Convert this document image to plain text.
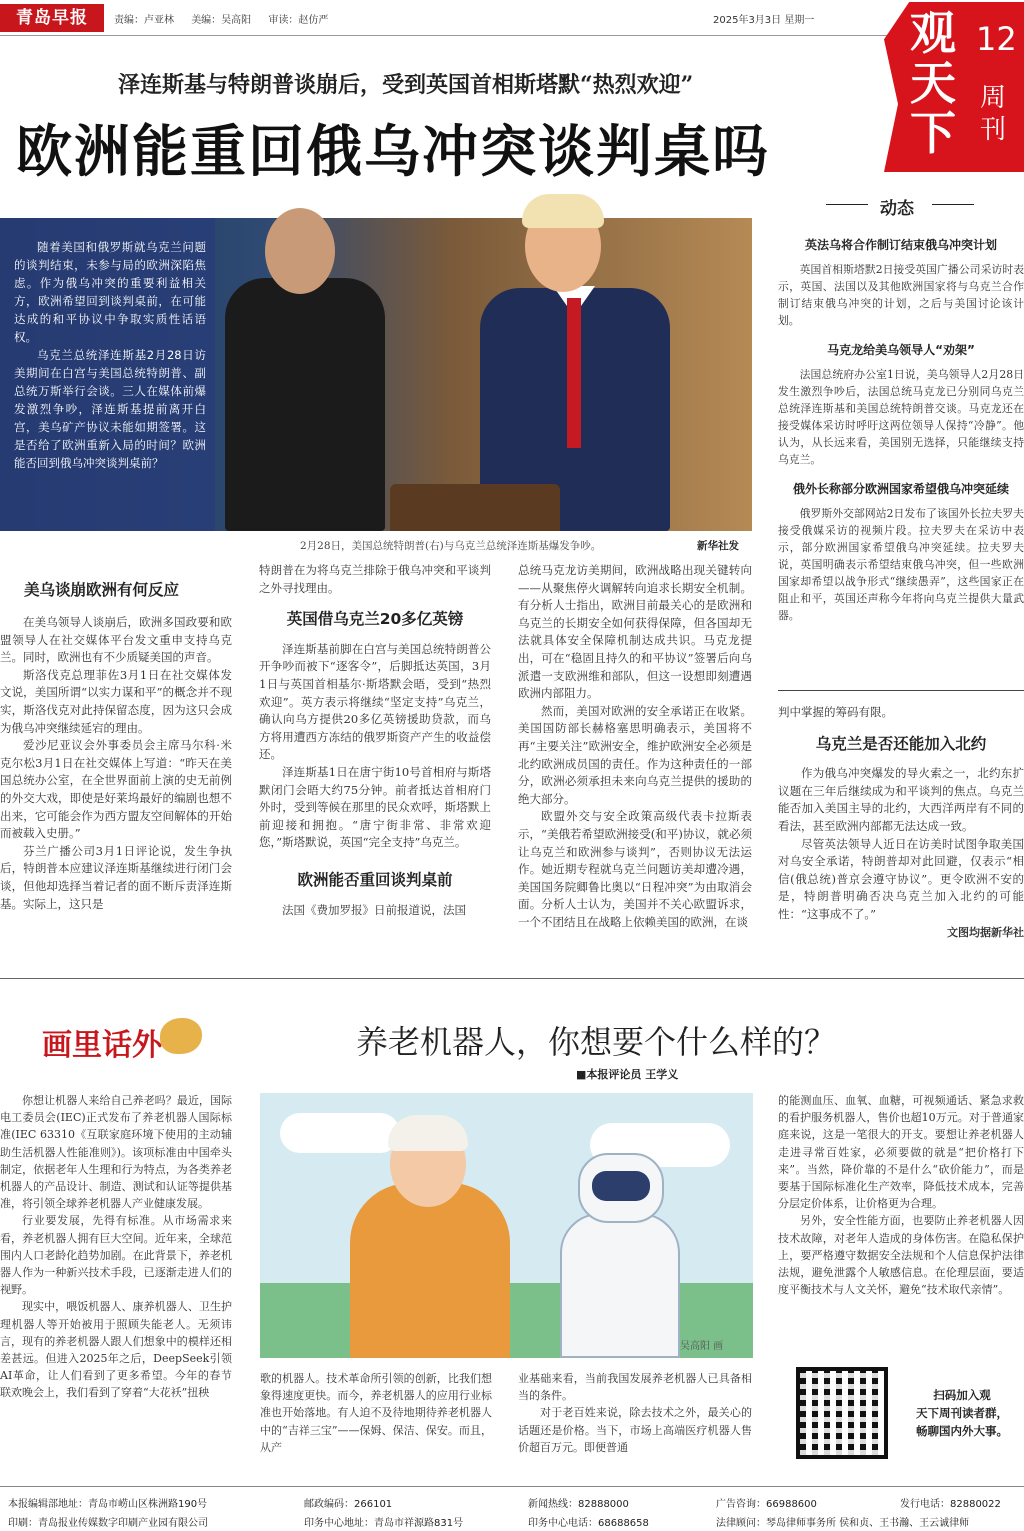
青岛早报	责编：卢亚林 美编：吴高阳 审读：赵仿严	2025年3月3日 星期一 观天下
12
周刊
泽连斯基与特朗普谈崩后，受到英国首相斯塔默“热烈欢迎”
欧洲能重回俄乌冲突谈判桌吗

随着美国和俄罗斯就乌克兰问题的谈判结束，未参与局的欧洲深陷焦虑。作为俄乌冲突的重要利益相关方，欧洲希望回到谈判桌前，在可能达成的和平协议中争取实质性话语权。

乌克兰总统泽连斯基2月28日访美期间在白宫与美国总统特朗普、副总统万斯举行会谈。三人在媒体前爆发激烈争吵，泽连斯基提前离开白宫，美乌矿产协议未能如期签署。这是否给了欧洲重新入局的时间？欧洲能否回到俄乌冲突谈判桌前？

2月28日，美国总统特朗普(右)与乌克兰总统泽连斯基爆发争吵。	新华社发
美乌谈崩欧洲有何反应

在美乌领导人谈崩后，欧洲多国政要和欧盟领导人在社交媒体平台发文重申支持乌克兰。同时，欧洲也有不少质疑美国的声音。

斯洛伐克总理菲佐3月1日在社交媒体发文说，美国所谓“以实力谋和平”的概念并不现实，斯洛伐克对此持保留态度，因为这只会成为俄乌冲突继续延宕的理由。

爱沙尼亚议会外事委员会主席马尔科·米克尔松3月1日在社交媒体上写道：“昨天在美国总统办公室，在全世界面前上演的史无前例的外交大戏，即使是好莱坞最好的编剧也想不出来，它可能会作为西方盟友空间解体的开始而被载入史册。”

芬兰广播公司3月1日评论说，发生争执后，特朗普本应建议泽连斯基继续进行闭门会谈，但他却选择当着记者的面不断斥责泽连斯基。实际上，这只是

特朗普在为将乌克兰排除于俄乌冲突和平谈判之外寻找理由。

英国借乌克兰20多亿英镑

泽连斯基前脚在白宫与美国总统特朗普公开争吵而被下“逐客令”，后脚抵达英国，3月1日与英国首相基尔·斯塔默会晤，受到“热烈欢迎”。英方表示将继续“坚定支持”乌克兰，确认向乌方提供20多亿英镑援助贷款，而乌方将用遭西方冻结的俄罗斯资产产生的收益偿还。

泽连斯基1日在唐宁街10号首相府与斯塔默闭门会晤大约75分钟。前者抵达首相府门外时，受到等候在那里的民众欢呼，斯塔默上前迎接和拥抱。“唐宁街非常、非常欢迎您，”斯塔默说，英国“完全支持”乌克兰。

欧洲能否重回谈判桌前

法国《费加罗报》日前报道说，法国

总统马克龙访美期间，欧洲战略出现关键转向——从聚焦停火调解转向追求长期安全机制。有分析人士指出，欧洲目前最关心的是欧洲和乌克兰的长期安全如何获得保障，但各国却无法就具体安全保障机制达成共识。马克龙提出，可在“稳固且持久的和平协议”签署后向乌派遣一支欧洲维和部队，但这一设想即刻遭遇欧洲内部阻力。

然而，美国对欧洲的安全承诺正在收紧。美国国防部长赫格塞思明确表示，美国将不再“主要关注”欧洲安全，维护欧洲安全必须是北约欧洲成员国的责任。作为这种责任的一部分，欧洲必须承担未来向乌克兰提供的援助的绝大部分。

欧盟外交与安全政策高级代表卡拉斯表示，“美俄若希望欧洲接受(和平)协议，就必须让乌克兰和欧洲参与谈判”，否则协议无法运作。她近期专程就乌克兰问题访美却遭冷遇，美国国务院卿鲁比奥以“日程冲突”为由取消会面。分析人士认为，美国并不关心欧盟诉求，一个不团结且在战略上依赖美国的欧洲，在谈

动态
英法乌将合作制订结束俄乌冲突计划
英国首相斯塔默2日接受英国广播公司采访时表示，英国、法国以及其他欧洲国家将与乌克兰合作制订结束俄乌冲突的计划，之后与美国讨论该计划。
马克龙给美乌领导人“劝架”
法国总统府办公室1日说，美乌领导人2月28日发生激烈争吵后，法国总统马克龙已分别同乌克兰总统泽连斯基和美国总统特朗普交谈。马克龙还在接受媒体采访时呼吁这两位领导人保持“冷静”。他认为，从长远来看，美国别无选择，只能继续支持乌克兰。
俄外长称部分欧洲国家希望俄乌冲突延续
俄罗斯外交部网站2日发布了该国外长拉夫罗夫接受俄媒采访的视频片段。拉夫罗夫在采访中表示，部分欧洲国家希望俄乌冲突延续。拉夫罗夫说，英国明确表示希望结束俄乌冲突，但一些欧洲国家却希望以战争形式“继续愚弄”，这些国家正在阻止和平，英国还声称今年将向乌克兰提供大量武器。

判中掌握的筹码有限。

乌克兰是否还能加入北约

作为俄乌冲突爆发的导火索之一，北约东扩议题在三年后继续成为和平谈判的焦点。乌克兰能否加入美国主导的北约，大西洋两岸有不同的看法，甚至欧洲内部都无法达成一致。

尽管英法领导人近日在访美时试图争取美国对乌安全承诺，特朗普却对此回避，仅表示“相信(俄总统)普京会遵守协议”。更令欧洲不安的是，特朗普明确否决乌克兰加入北约的可能性：“这事成不了。”

文图均据新华社
画里话外	养老机器人，你想要个什么样的？
■本报评论员 王学义

你想让机器人来给自己养老吗？最近，国际电工委员会(IEC)正式发布了养老机器人国际标准(IEC 63310《互联家庭环境下使用的主动辅助生活机器人性能准则》)。该项标准由中国牵头制定，依据老年人生理和行为特点，为各类养老机器人的产品设计、制造、测试和认证等提供基准，将引领全球养老机器人产业健康发展。

行业要发展，先得有标准。从市场需求来看，养老机器人拥有巨大空间。近年来，全球范围内人口老龄化趋势加剧。在此背景下，养老机器人作为一种新兴技术手段，已逐渐走进人们的视野。

现实中，喂饭机器人、康养机器人、卫生护理机器人等开始被用于照顾失能老人。无须讳言，现有的养老机器人跟人们想象中的模样还相差甚远。但进入2025年之后，DeepSeek引领AI革命，让人们看到了更多希望。今年的春节联欢晚会上，我们看到了穿着“大花袄”扭秧

吴高阳 画

歌的机器人。技术革命所引领的创新，比我们想象得速度更快。而今，养老机器人的应用行业标准也开始落地。有人迫不及待地期待养老机器人中的“吉祥三宝”——保姆、保洁、保安。而且，从产

业基础来看，当前我国发展养老机器人已具备相当的条件。

对于老百姓来说，除去技术之外，最关心的话题还是价格。当下，市场上高端医疗机器人售价超百万元。即便普通

的能测血压、血氧、血糖，可视频通话、紧急求救的看护服务机器人，售价也超10万元。对于普通家庭来说，这是一笔很大的开支。要想让养老机器人走进寻常百姓家，必须要做的就是“把价格打下来”。当然，降价靠的不是什么“砍价能力”，而是要基于国际标准化生产效率，降低技术成本，完善分层定价体系，让价格更为合理。

另外，安全性能方面，也要防止养老机器人因技术故障，对老年人造成的身体伤害。在隐私保护上，要严格遵守数据安全法规和个人信息保护法律法规，避免泄露个人敏感信息。在伦理层面，要适度平衡技术与人文关怀，避免“技术取代亲情”。

扫码加入观
天下周刊读者群，
畅聊国内外大事。
本报编辑部地址：青岛市崂山区株洲路190号	邮政编码：266101	新闻热线：82888000	广告咨询：66988600	发行电话：82880022
印刷：青岛报业传媒数字印刷产业园有限公司	印务中心地址：青岛市祥源路831号	印务中心电话：68688658	法律顾问：琴岛律师事务所 侯和贞、王书瀚、王云诚律师
